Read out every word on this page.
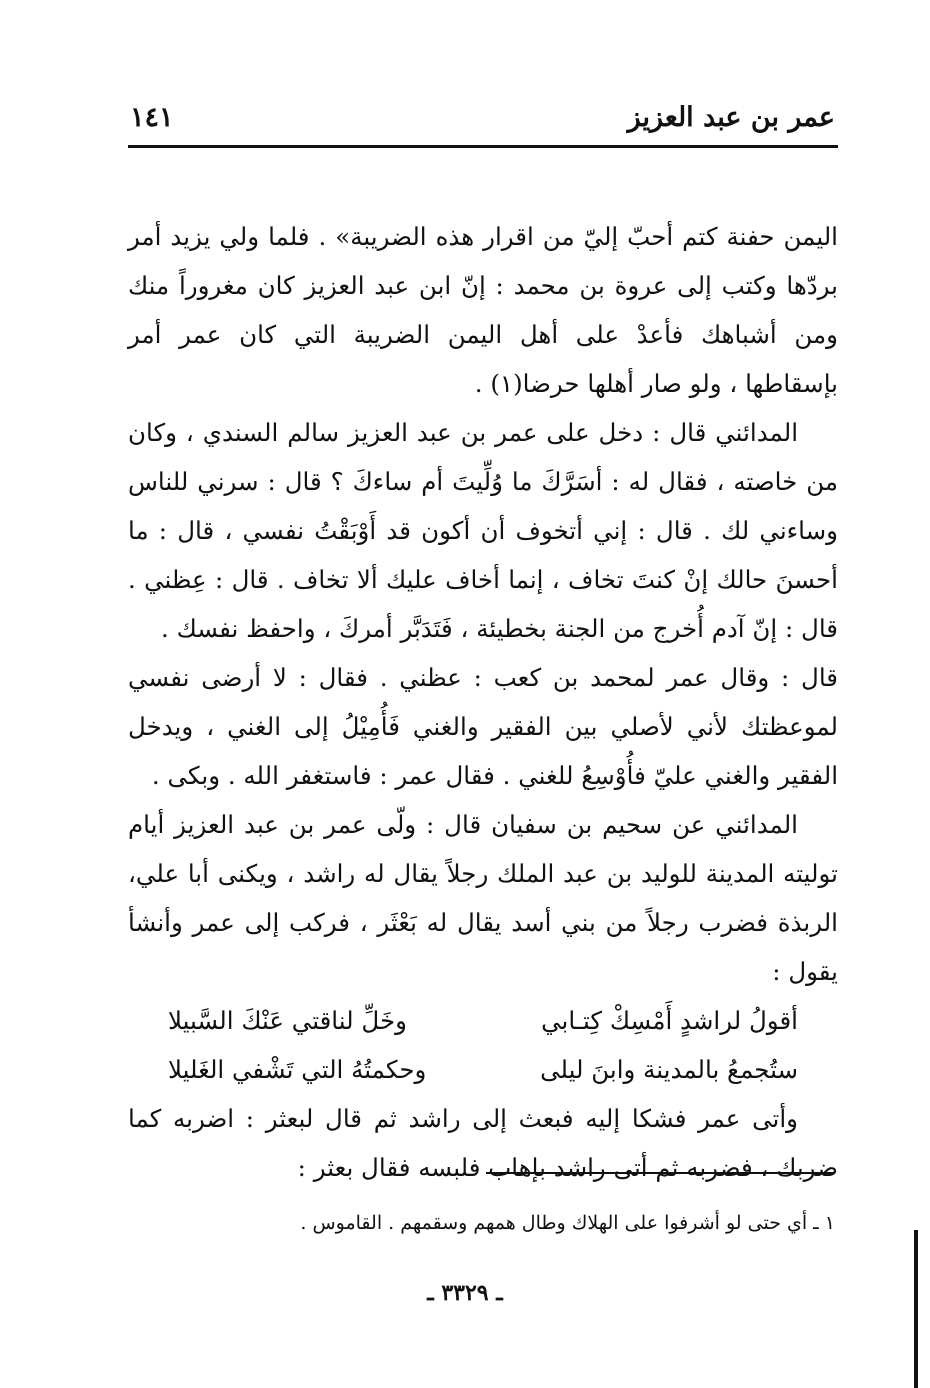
عمر بن عبد العزيز
١٤١

اليمن حفنة كتم أحبّ إليّ من اقرار هذه الضريبة» . فلما ولي يزيد أمر بردّها وكتب إلى عروة بن محمد : إنّ ابن عبد العزيز كان مغروراً منك ومن أشباهك فأعدْ على أهل اليمن الضريبة التي كان عمر أمر بإسقاطها ، ولو صار أهلها حرضا(١) .

المدائني قال : دخل على عمر بن عبد العزيز سالم السندي ، وكان من خاصته ، فقال له : أسَرَّكَ ما وُلِّيتَ أم ساءكَ ؟ قال : سرني للناس وساءني لك . قال : إني أتخوف أن أكون قد أَوْبَقْتُ نفسي ، قال : ما أحسنَ حالك إنْ كنتَ تخاف ، إنما أخاف عليك ألا تخاف . قال : عِظني . قال : إنّ آدم أُخرج من الجنة بخطيئة ، فَتَدَبَّر أمركَ ، واحفظ نفسك .

قال : وقال عمر لمحمد بن كعب : عظني . فقال : لا أرضى نفسي لموعظتك لأني لأصلي بين الفقير والغني فَأُمِيْلُ إلى الغني ، ويدخل الفقير والغني عليّ فأُوْسِعُ للغني . فقال عمر : فاستغفر الله . وبكى .

المدائني عن سحيم بن سفيان قال : ولّى عمر بن عبد العزيز أيام توليته المدينة للوليد بن عبد الملك رجلاً يقال له راشد ، ويكنى أبا علي، الربذة فضرب رجلاً من بني أسد يقال له بَعْثَر ، فركب إلى عمر وأنشأ يقول :

أقولُ لراشدٍ أَمْسِكْ كِتـابي
وخَلِّ لناقتي عَنْكَ السَّبيلا
ستُجمعُ بالمدينة وابنَ ليلى
وحكمتُهُ التي تَشْفي الغَليلا

وأتى عمر فشكا إليه فبعث إلى راشد ثم قال لبعثر : اضربه كما ضربك ، فضربه ثم أتى راشد بإهاب فلبسه فقال بعثر :

١ ـ أي حتى لو أشرفوا على الهلاك وطال همهم وسقمهم . القاموس .
ـ ٣٣٢٩ ـ
